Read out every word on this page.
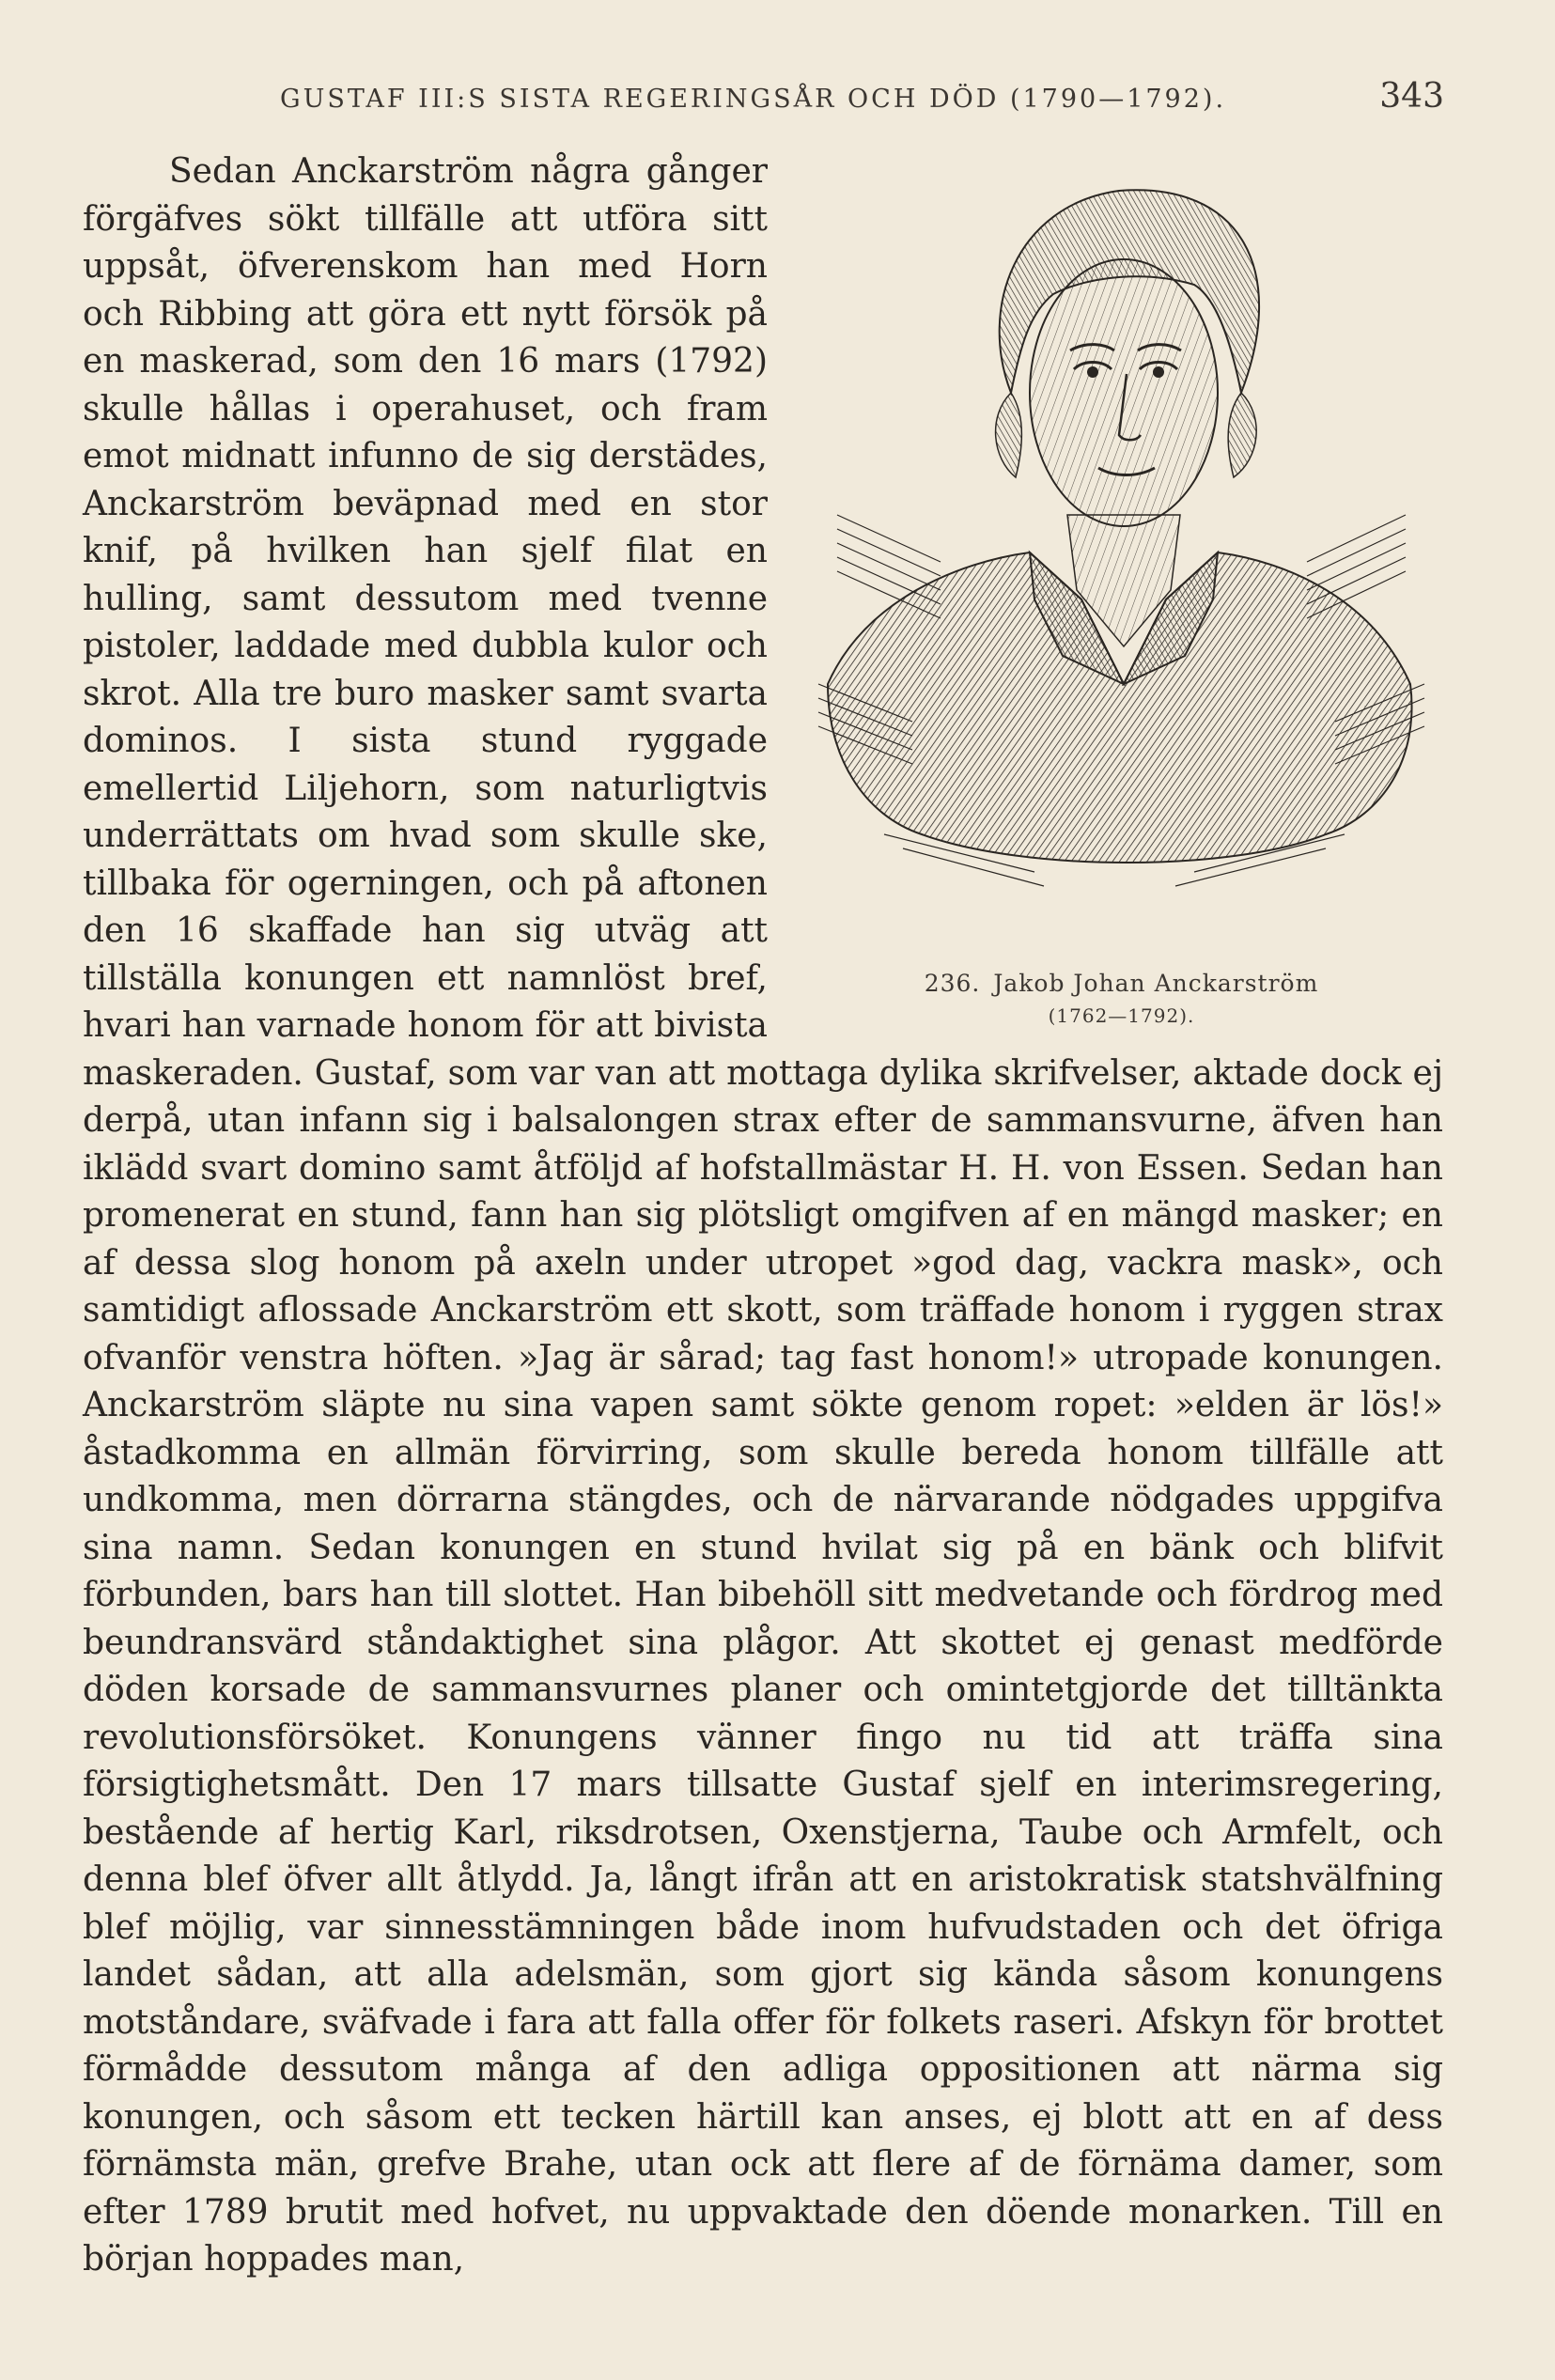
GUSTAF III:S SISTA REGERINGSÅR OCH DÖD (1790—1792).	343
236. Jakob Johan Anckarström
(1762—1792).

Sedan Anckarström några gånger förgäfves sökt tillfälle att utföra sitt uppsåt, öfverenskom han med Horn och Ribbing att göra ett nytt försök på en maskerad, som den 16 mars (1792) skulle hållas i operahuset, och fram emot midnatt infunno de sig derstädes, Anckarström beväpnad med en stor knif, på hvilken han sjelf filat en hulling, samt dessutom med tvenne pistoler, laddade med dubbla kulor och skrot. Alla tre buro masker samt svarta dominos. I sista stund ryggade emellertid Liljehorn, som naturligtvis underrättats om hvad som skulle ske, tillbaka för ogerningen, och på aftonen den 16 skaffade han sig utväg att tillställa konungen ett namnlöst bref, hvari han varnade honom för att bivista maskeraden. Gustaf, som var van att mottaga dylika skrifvelser, aktade dock ej derpå, utan infann sig i balsalongen strax efter de sammansvurne, äfven han iklädd svart domino samt åtföljd af hofstallmästar H. H. von Essen. Sedan han promenerat en stund, fann han sig plötsligt omgifven af en mängd masker; en af dessa slog honom på axeln under utropet »god dag, vackra mask», och samtidigt aflossade Anckarström ett skott, som träffade honom i ryggen strax ofvanför venstra höften. »Jag är sårad; tag fast honom!» utropade konungen. Anckarström släpte nu sina vapen samt sökte genom ropet: »elden är lös!» åstadkomma en allmän förvirring, som skulle bereda honom tillfälle att undkomma, men dörrarna stängdes, och de närvarande nödgades uppgifva sina namn. Sedan konungen en stund hvilat sig på en bänk och blifvit förbunden, bars han till slottet. Han bibehöll sitt medvetande och fördrog med beundransvärd ståndaktighet sina plågor. Att skottet ej genast medförde döden korsade de sammansvurnes planer och omintetgjorde det tilltänkta revolutionsförsöket. Konungens vänner fingo nu tid att träffa sina försigtighetsmått. Den 17 mars tillsatte Gustaf sjelf en interimsregering, bestående af hertig Karl, riksdrotsen, Oxenstjerna, Taube och Armfelt, och denna blef öfver allt åtlydd. Ja, långt ifrån att en aristokratisk statshvälfning blef möjlig, var sinnesstämningen både inom hufvudstaden och det öfriga landet sådan, att alla adelsmän, som gjort sig kända såsom konungens motståndare, sväfvade i fara att falla offer för folkets raseri. Afskyn för brottet förmådde dessutom många af den adliga oppositionen att närma sig konungen, och såsom ett tecken härtill kan anses, ej blott att en af dess förnämsta män, grefve Brahe, utan ock att flere af de förnäma damer, som efter 1789 brutit med hofvet, nu uppvaktade den döende monarken. Till en början hoppades man,
